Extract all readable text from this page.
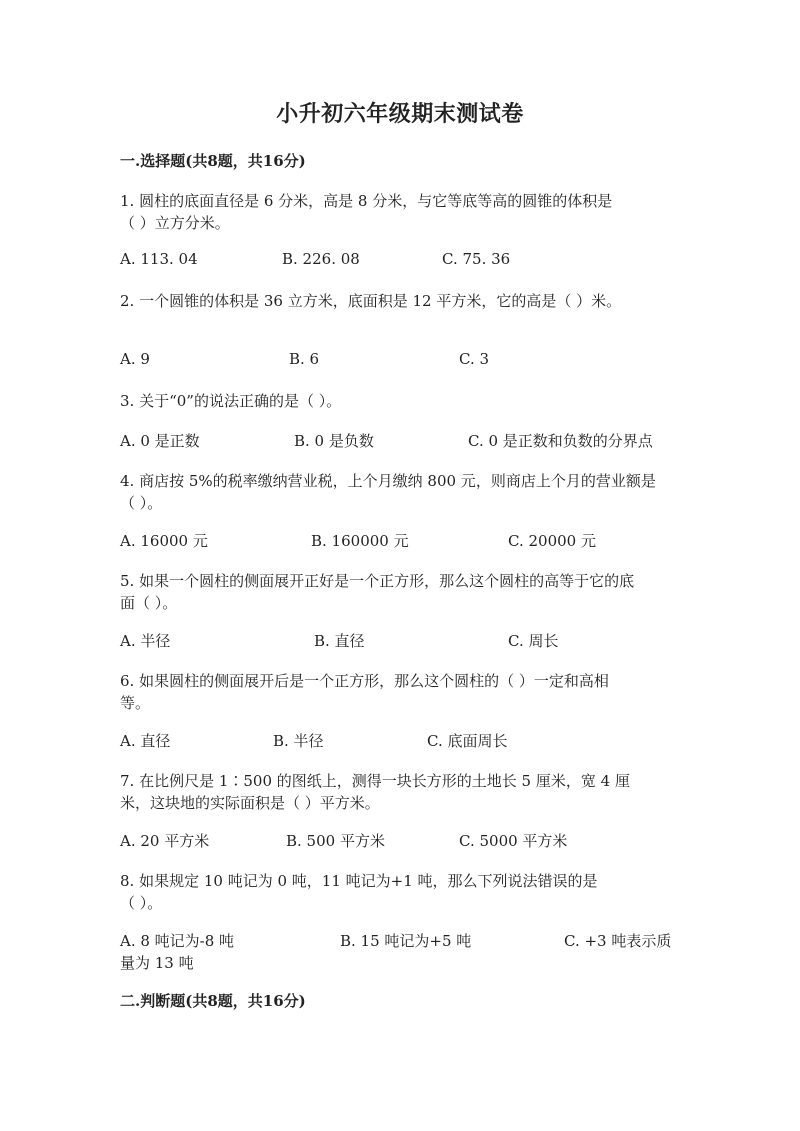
小升初六年级期末测试卷
一.选择题(共8题，共16分)
1. 圆柱的底面直径是 6 分米，高是 8 分米，与它等底等高的圆锥的体积是
（ ）立方分米。
A. 113. 04	B. 226. 08	C. 75. 36
2. 一个圆锥的体积是 36 立方米，底面积是 12 平方米，它的高是（ ）米。
A. 9	B. 6	C. 3
3. 关于“0”的说法正确的是（ ）。
A. 0 是正数	B. 0 是负数	C. 0 是正数和负数的分界点
4. 商店按 5%的税率缴纳营业税，上个月缴纳 800 元，则商店上个月的营业额是
（ ）。
A. 16000 元	B. 160000 元	C. 20000 元
5. 如果一个圆柱的侧面展开正好是一个正方形，那么这个圆柱的高等于它的底
面（ ）。
A. 半径	B. 直径	C. 周长
6. 如果圆柱的侧面展开后是一个正方形，那么这个圆柱的（ ）一定和高相
等。
A. 直径	B. 半径	C. 底面周长
7. 在比例尺是 1∶500 的图纸上，测得一块长方形的土地长 5 厘米，宽 4 厘
米，这块地的实际面积是（ ）平方米。
A. 20 平方米	B. 500 平方米	C. 5000 平方米
8. 如果规定 10 吨记为 0 吨，11 吨记为+1 吨，那么下列说法错误的是
（ ）。
A. 8 吨记为-8 吨	B. 15 吨记为+5 吨	C. +3 吨表示质
量为 13 吨
二.判断题(共8题，共16分)
